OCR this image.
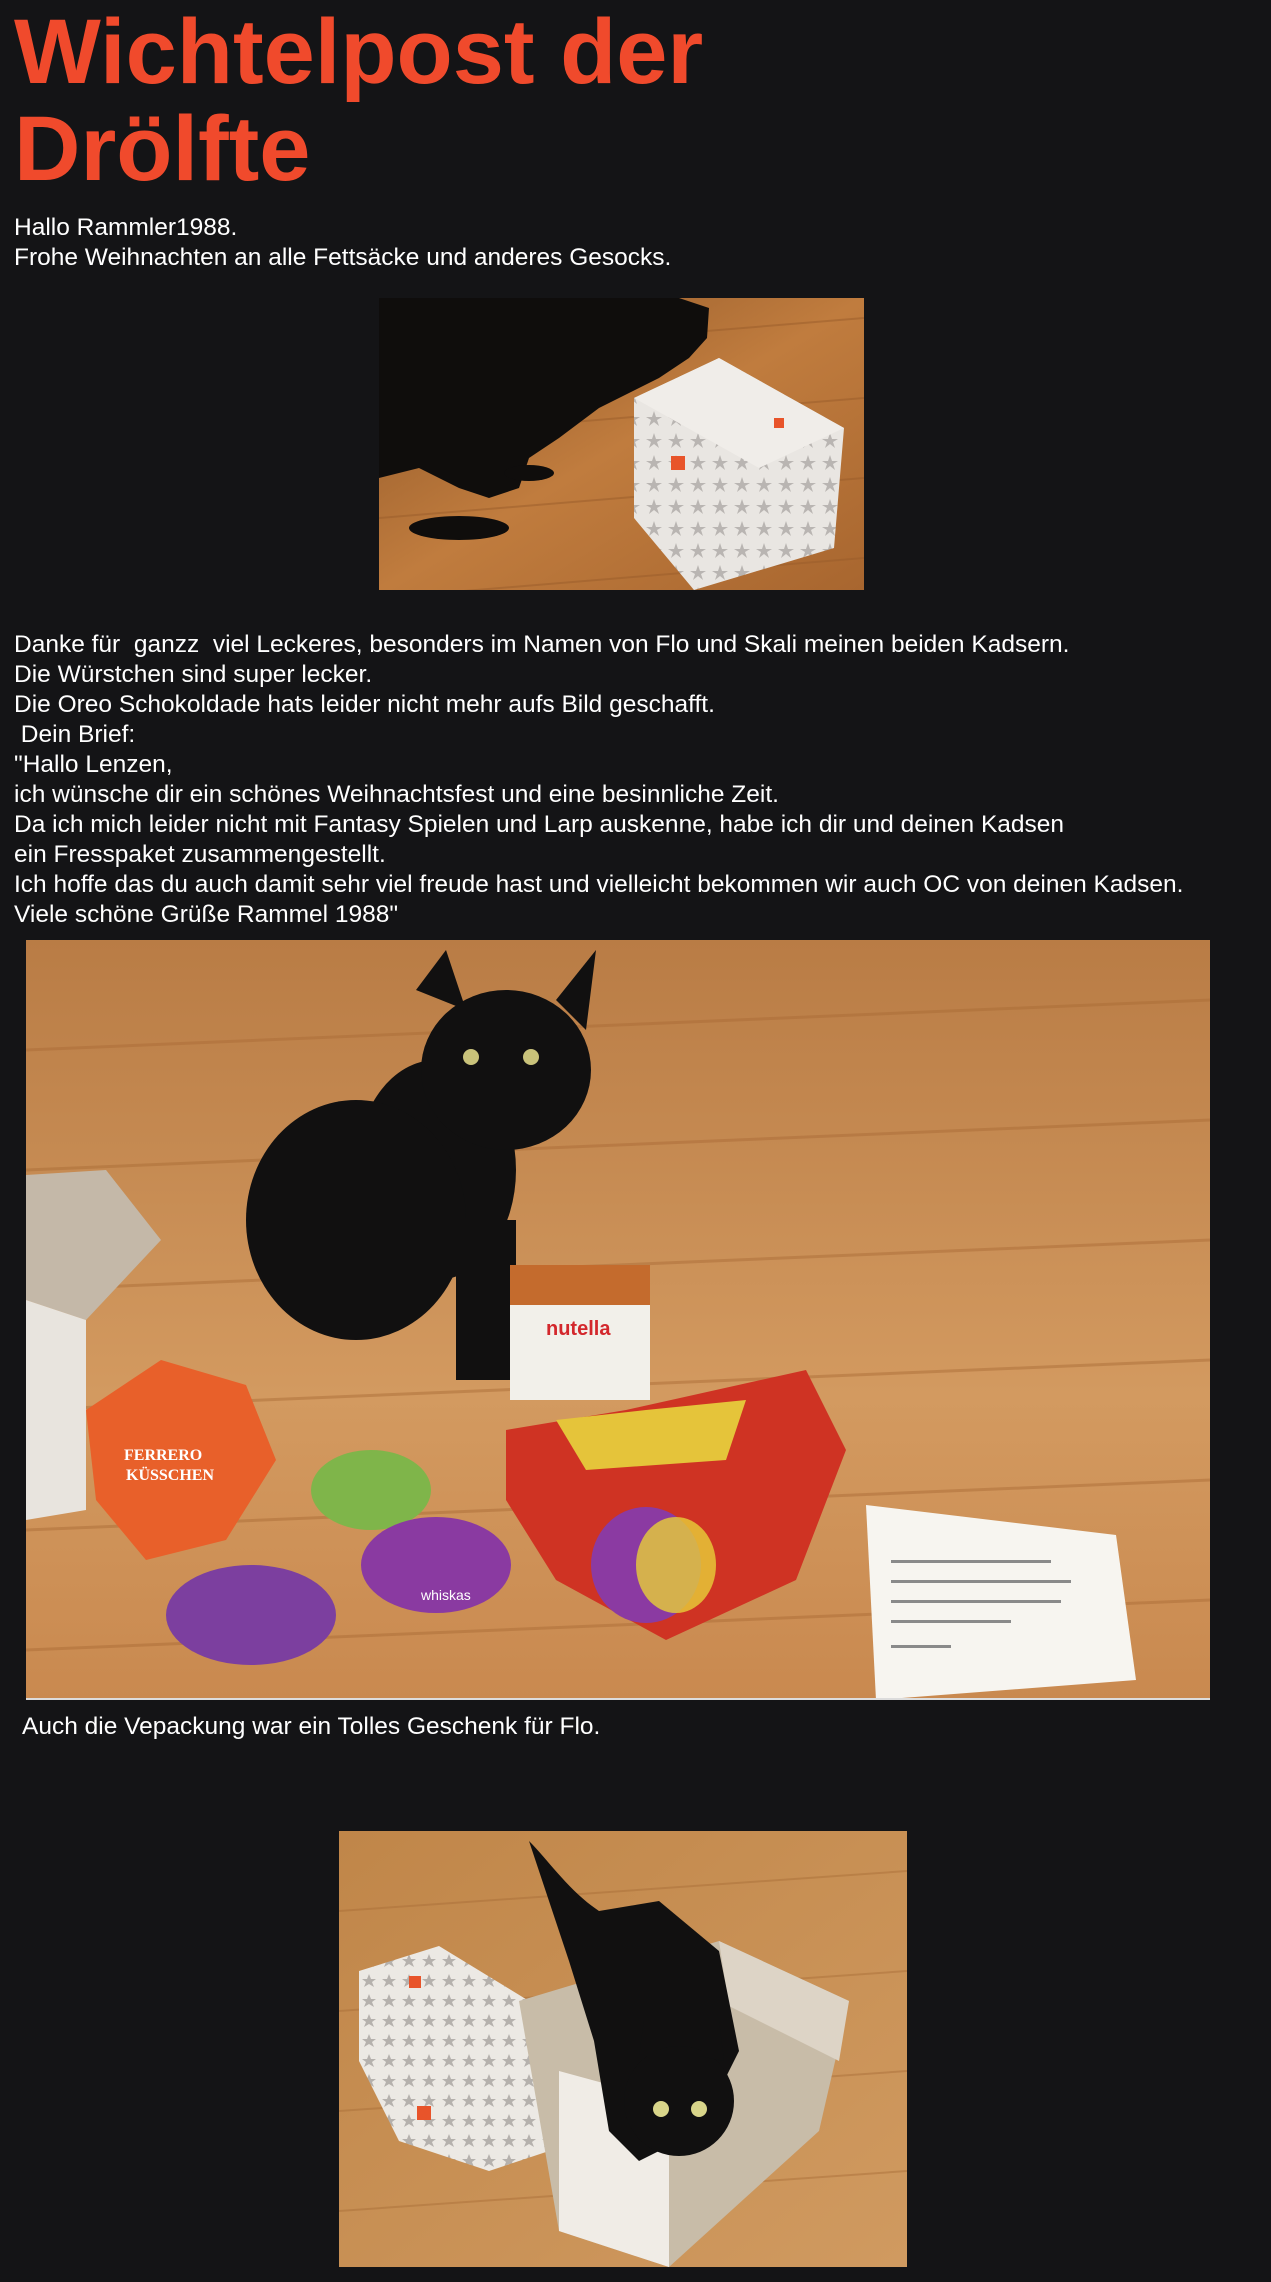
Wichtelpost der
Drölfte
Hallo Rammler1988.
Frohe Weihnachten an alle Fettsäcke und anderes Gesocks.
Danke für  ganzz  viel Leckeres, besonders im Namen von Flo und Skali meinen beiden Kadsern.
Die Würstchen sind super lecker.
Die Oreo Schokoldade hats leider nicht mehr aufs Bild geschafft.
Dein Brief:
"Hallo Lenzen,
ich wünsche dir ein schönes Weihnachtsfest und eine besinnliche Zeit.
Da ich mich leider nicht mit Fantasy Spielen und Larp auskenne, habe ich dir und deinen Kadsen
ein Fresspaket zusammengestellt.
Ich hoffe das du auch damit sehr viel freude hast und vielleicht bekommen wir auch OC von deinen Kadsen.
Viele schöne Grüße Rammel 1988"
nutella
FERRERO
KÜSSCHEN
whiskas
Auch die Vepackung war ein Tolles Geschenk für Flo.
